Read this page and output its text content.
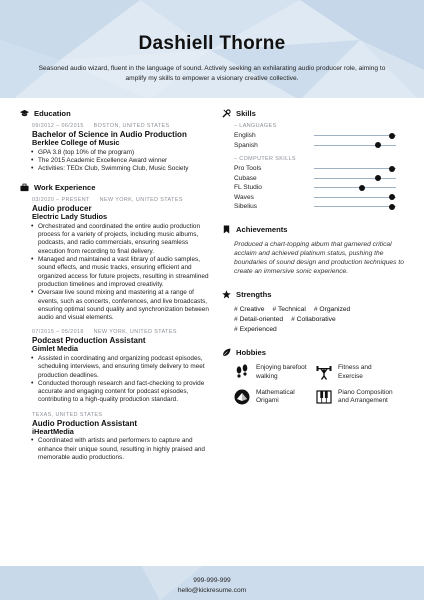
Dashiell Thorne
Seasoned audio wizard, fluent in the language of sound. Actively seeking an exhilarating audio producer role, aiming to amplify my skills to empower a visionary creative collective.
Education
09/2012 – 06/2015 BOSTON, UNITED STATES
Bachelor of Science in Audio Production
Berklee College of Music
• GPA 3.8 (top 10% of the program)
• The 2015 Academic Excellence Award winner
• Activities: TEDx Club, Swimming Club, Music Society
Work Experience
03/2020 – PRESENT NEW YORK, UNITED STATES
Audio producer
Electric Lady Studios
• Orchestrated and coordinated the entire audio production process for a variety of projects, including music albums, podcasts, and radio commercials, ensuring seamless execution from recording to final delivery.
• Managed and maintained a vast library of audio samples, sound effects, and music tracks, ensuring efficient and organized access for future projects, resulting in streamlined production timelines and improved creativity.
• Oversaw live sound mixing and mastering at a range of events, such as concerts, conferences, and live broadcasts, ensuring optimal sound quality and synchronization between audio and visual elements.
07/2015 – 05/2018 NEW YORK, UNITED STATES
Podcast Production Assistant
Gimlet Media
• Assisted in coordinating and organizing podcast episodes, scheduling interviews, and ensuring timely delivery to meet production deadlines.
• Conducted thorough research and fact-checking to provide accurate and engaging content for podcast episodes, contributing to a high-quality production standard.
TEXAS, UNITED STATES
Audio Production Assistant
iHeartMedia
• Coordinated with artists and performers to capture and enhance their unique sound, resulting in highly praised and memorable audio productions.
Skills
– LANGUAGES
English
Spanish
– COMPUTER SKILLS
Pro Tools
Cubase
FL Studio
Waves
Sibelius
Achievements
Produced a chart-topping album that garnered critical acclaim and achieved platinum status, pushing the boundaries of sound design and production techniques to create an immersive sonic experience.
Strengths
# Creative # Technical # Organized
# Detail-oriented # Collaborative
# Experienced
Hobbies
Enjoying barefoot walking
Fitness and Exercise
Mathematical Origami
Piano Composition and Arrangement
999-999-999
hello@kickresume.com
